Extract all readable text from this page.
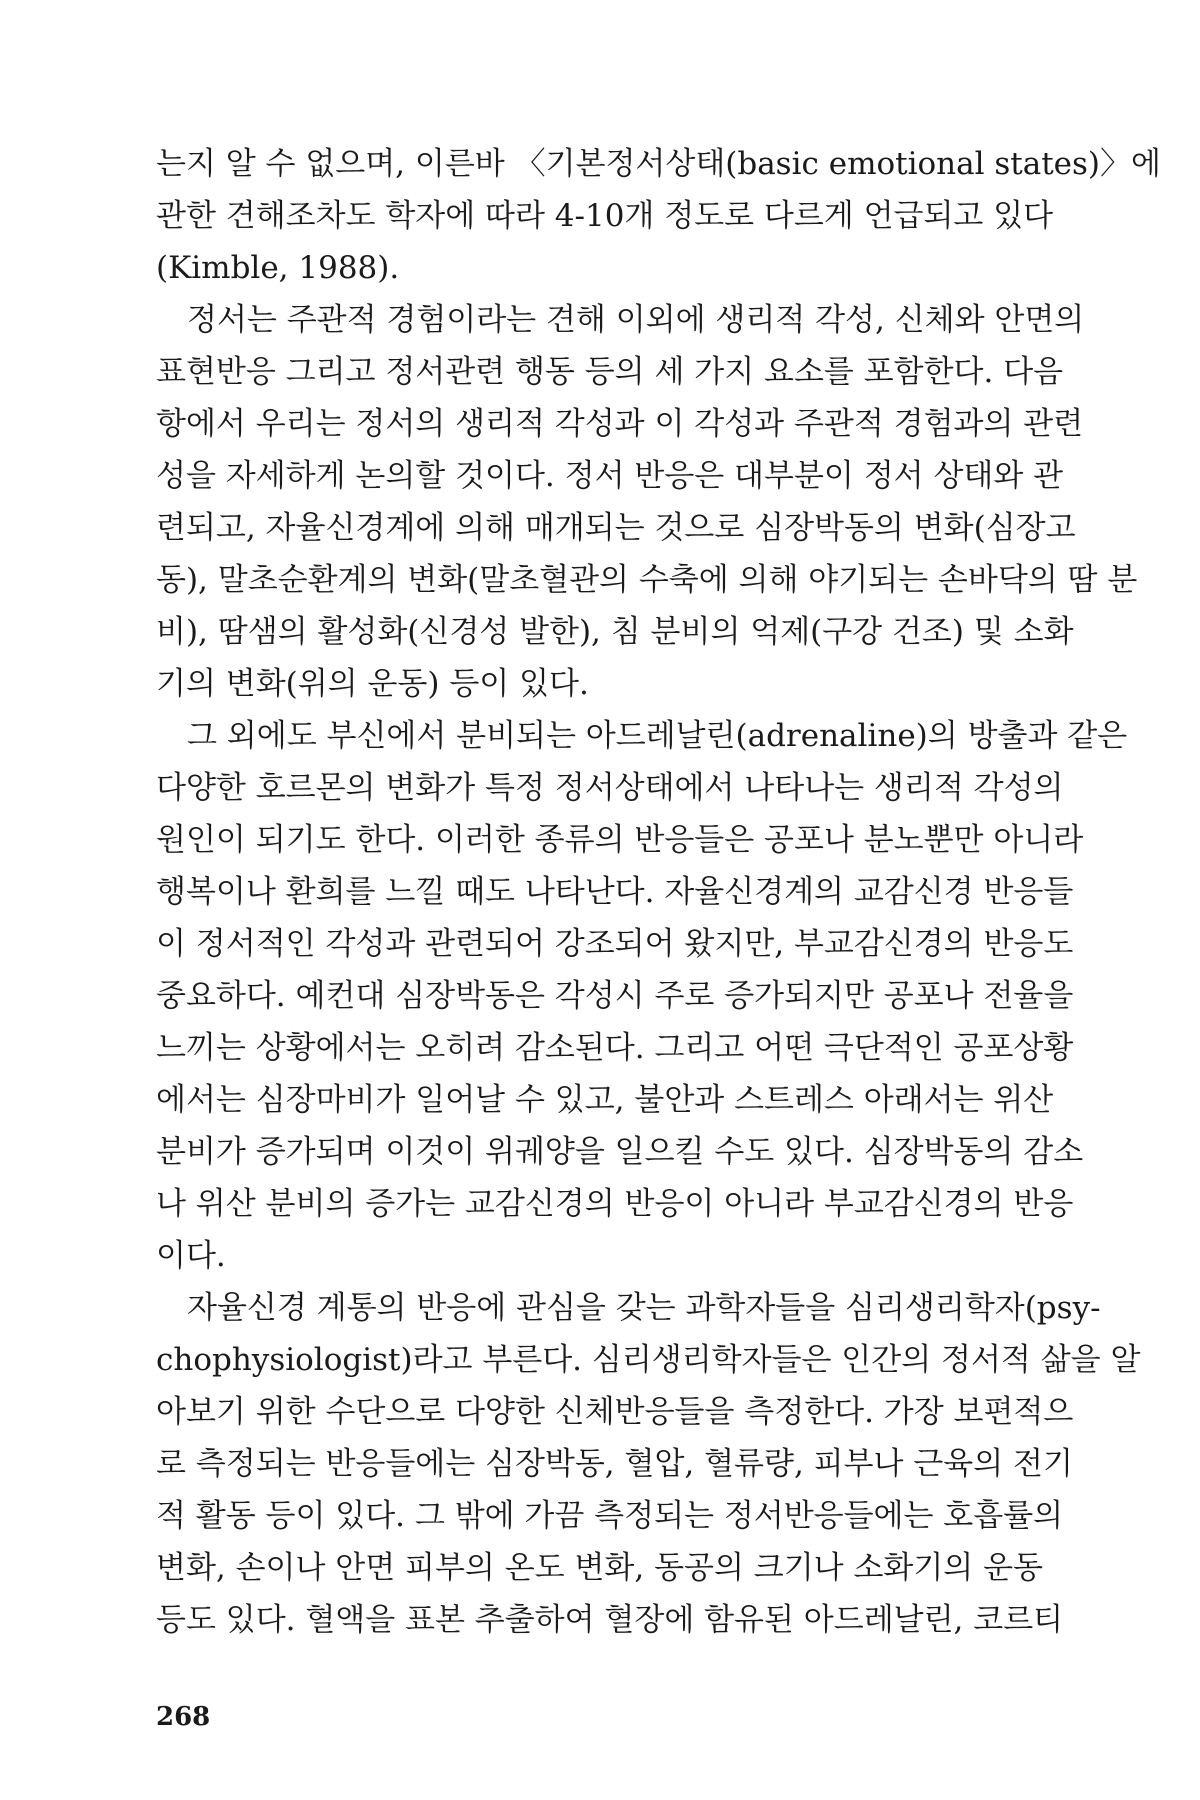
는지 알 수 없으며, 이른바 〈기본정서상태(basic emotional states)〉에
관한 견해조차도 학자에 따라 4-10개 정도로 다르게 언급되고 있다
(Kimble, 1988).
정서는 주관적 경험이라는 견해 이외에 생리적 각성, 신체와 안면의
표현반응 그리고 정서관련 행동 등의 세 가지 요소를 포함한다. 다음
항에서 우리는 정서의 생리적 각성과 이 각성과 주관적 경험과의 관련
성을 자세하게 논의할 것이다. 정서 반응은 대부분이 정서 상태와 관
련되고, 자율신경계에 의해 매개되는 것으로 심장박동의 변화(심장고
동), 말초순환계의 변화(말초혈관의 수축에 의해 야기되는 손바닥의 땀 분
비), 땀샘의 활성화(신경성 발한), 침 분비의 억제(구강 건조) 및 소화
기의 변화(위의 운동) 등이 있다.
그 외에도 부신에서 분비되는 아드레날린(adrenaline)의 방출과 같은
다양한 호르몬의 변화가 특정 정서상태에서 나타나는 생리적 각성의
원인이 되기도 한다. 이러한 종류의 반응들은 공포나 분노뿐만 아니라
행복이나 환희를 느낄 때도 나타난다. 자율신경계의 교감신경 반응들
이 정서적인 각성과 관련되어 강조되어 왔지만, 부교감신경의 반응도
중요하다. 예컨대 심장박동은 각성시 주로 증가되지만 공포나 전율을
느끼는 상황에서는 오히려 감소된다. 그리고 어떤 극단적인 공포상황
에서는 심장마비가 일어날 수 있고, 불안과 스트레스 아래서는 위산
분비가 증가되며 이것이 위궤양을 일으킬 수도 있다. 심장박동의 감소
나 위산 분비의 증가는 교감신경의 반응이 아니라 부교감신경의 반응
이다.
자율신경 계통의 반응에 관심을 갖는 과학자들을 심리생리학자(psy-
chophysiologist)라고 부른다. 심리생리학자들은 인간의 정서적 삶을 알
아보기 위한 수단으로 다양한 신체반응들을 측정한다. 가장 보편적으
로 측정되는 반응들에는 심장박동, 혈압, 혈류량, 피부나 근육의 전기
적 활동 등이 있다. 그 밖에 가끔 측정되는 정서반응들에는 호흡률의
변화, 손이나 안면 피부의 온도 변화, 동공의 크기나 소화기의 운동
등도 있다. 혈액을 표본 추출하여 혈장에 함유된 아드레날린, 코르티
268
